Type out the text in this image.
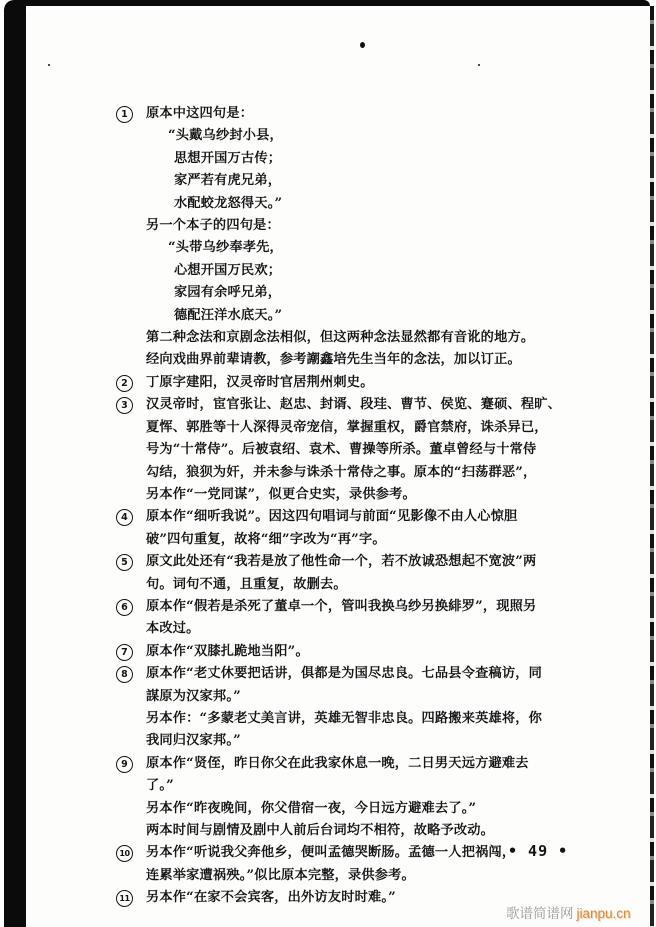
1	原本中这四句是：

“头戴乌纱封小县，

思想开国万古传；

家严若有虎兄弟，

水配蛟龙怒得天。”

另一个本子的四句是：

“头带乌纱奉孝先，

心想开国万民欢；

家园有余呼兄弟，

德配汪洋水底天。”

第二种念法和京剧念法相似，但这两种念法显然都有音讹的地方。

经向戏曲界前辈请教，参考謿鑫培先生当年的念法，加以订正。

2	丁原字建阳，汉灵帝时官居荆州刺史。

3	汉灵帝时，宦官张让、赵忠、封谞、段珪、曹节、侯览、蹇硕、程旷、

夏恽、郭胜等十人深得灵帝宠信，掌握重权，爵官禁府，诛杀异已，

号为“十常侍”。后被袁绍、袁术、曹操等所杀。董卓曾经与十常侍

勾结，狼狈为奸，并未参与诛杀十常侍之事。原本的“扫荡群恶”，

另本作“一党同谋”，似更合史实，录供参考。

4	原本作“细听我说”。因这四句唱词与前面“见影像不由人心惊胆

破”四句重复，故将“细”字改为“再”字。

5	原文此处还有“我若是放了他性命一个，若不放诚恐想起不宽波”两

句。词句不通，且重复，故删去。

6	原本作“假若是杀死了董卓一个，管叫我换乌纱另换緋罗”，现照另

本改过。

7	原本作“双膝扎跪地当阳”。

8	原本作“老丈休要把话讲，俱都是为国尽忠良。七品县令查稿访，同

謀原为汉家邦。”

另本作：“多蒙老丈美言讲，英雄无智非忠良。四路搬来英雄将，你

我同归汉家邦。”

9	原本作“贤侄，昨日你父在此我家休息一晚，二日男天远方避难去

了。”

另本作“昨夜晚间，你父借宿一夜，今日远方避难去了。”

两本时间与剧情及剧中人前后台词均不相符，故略予改动。

10 另本作“听说我父奔他乡，便叫孟德哭断肠。孟德一人把祸闯，

连累举家遭祸殃。”似比原本完整，录供参考。

11 另本作“在家不会宾客，出外访友时时难。”

• 49 •
歌谱简谱网 jianpu.cn
